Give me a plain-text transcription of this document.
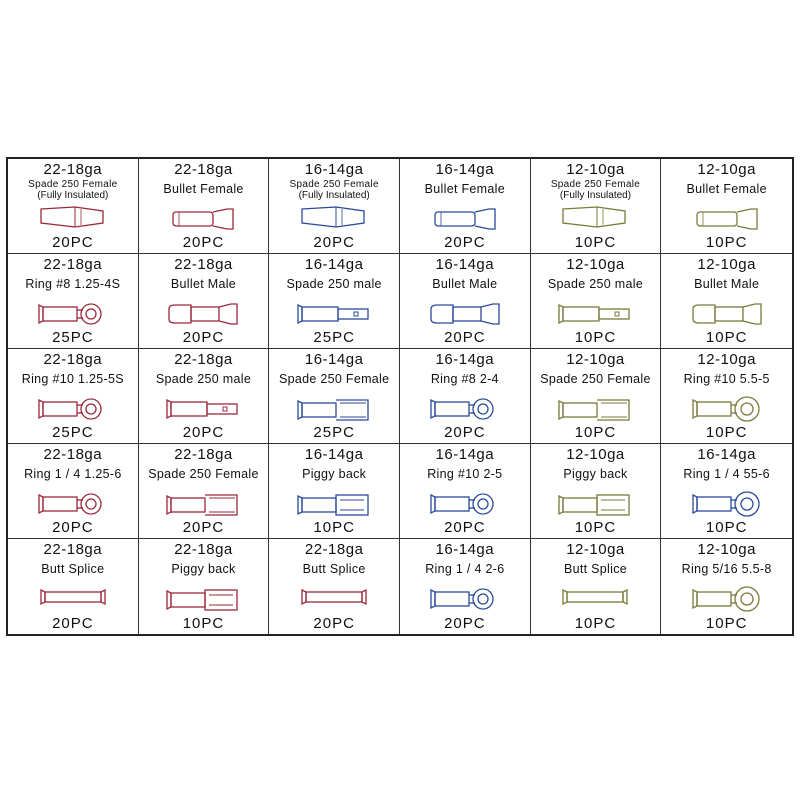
22-18ga
Spade 250 Female
(Fully Insulated)
20PC
22-18ga
Bullet Female
20PC
16-14ga
Spade 250 Female
(Fully Insulated)
20PC
16-14ga
Bullet Female
20PC
12-10ga
Spade 250 Female
(Fully Insulated)
10PC
12-10ga
Bullet Female
10PC
22-18ga
Ring #8 1.25-4S
25PC
22-18ga
Bullet Male
20PC
16-14ga
Spade 250 male
25PC
16-14ga
Bullet Male
20PC
12-10ga
Spade 250 male
10PC
12-10ga
Bullet Male
10PC
22-18ga
Ring #10 1.25-5S
25PC
22-18ga
Spade 250 male
20PC
16-14ga
Spade 250 Female
25PC
16-14ga
Ring #8 2-4
20PC
12-10ga
Spade 250 Female
10PC
12-10ga
Ring #10 5.5-5
10PC
22-18ga
Ring 1 / 4 1.25-6
20PC
22-18ga
Spade 250 Female
20PC
16-14ga
Piggy back
10PC
16-14ga
Ring #10 2-5
20PC
12-10ga
Piggy back
10PC
16-14ga
Ring 1 / 4 55-6
10PC
22-18ga
Butt Splice
20PC
22-18ga
Piggy back
10PC
22-18ga
Butt Splice
20PC
16-14ga
Ring 1 / 4 2-6
20PC
12-10ga
Butt Splice
10PC
12-10ga
Ring 5/16 5.5-8
10PC
